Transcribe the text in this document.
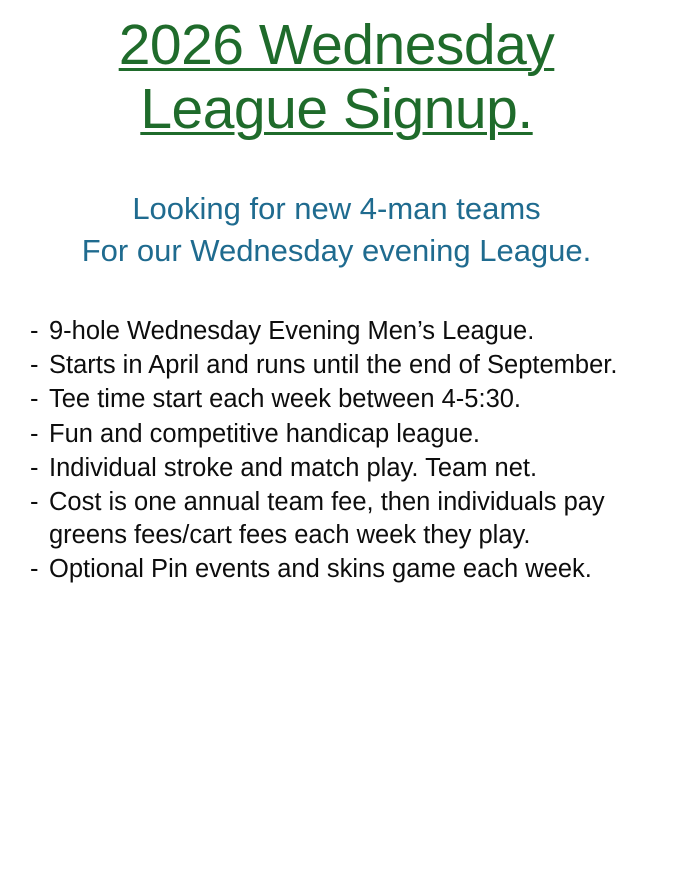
2026 Wednesday
League Signup.
Looking for new 4-man teams
For our Wednesday evening League.
- 9-hole Wednesday Evening Men’s League.
- Starts in April and runs until the end of September.
- Tee time start each week between 4-5:30.
- Fun and competitive handicap league.
- Individual stroke and match play. Team net.
- Cost is one annual team fee, then individuals pay greens fees/cart fees each week they play.
- Optional Pin events and skins game each week.
